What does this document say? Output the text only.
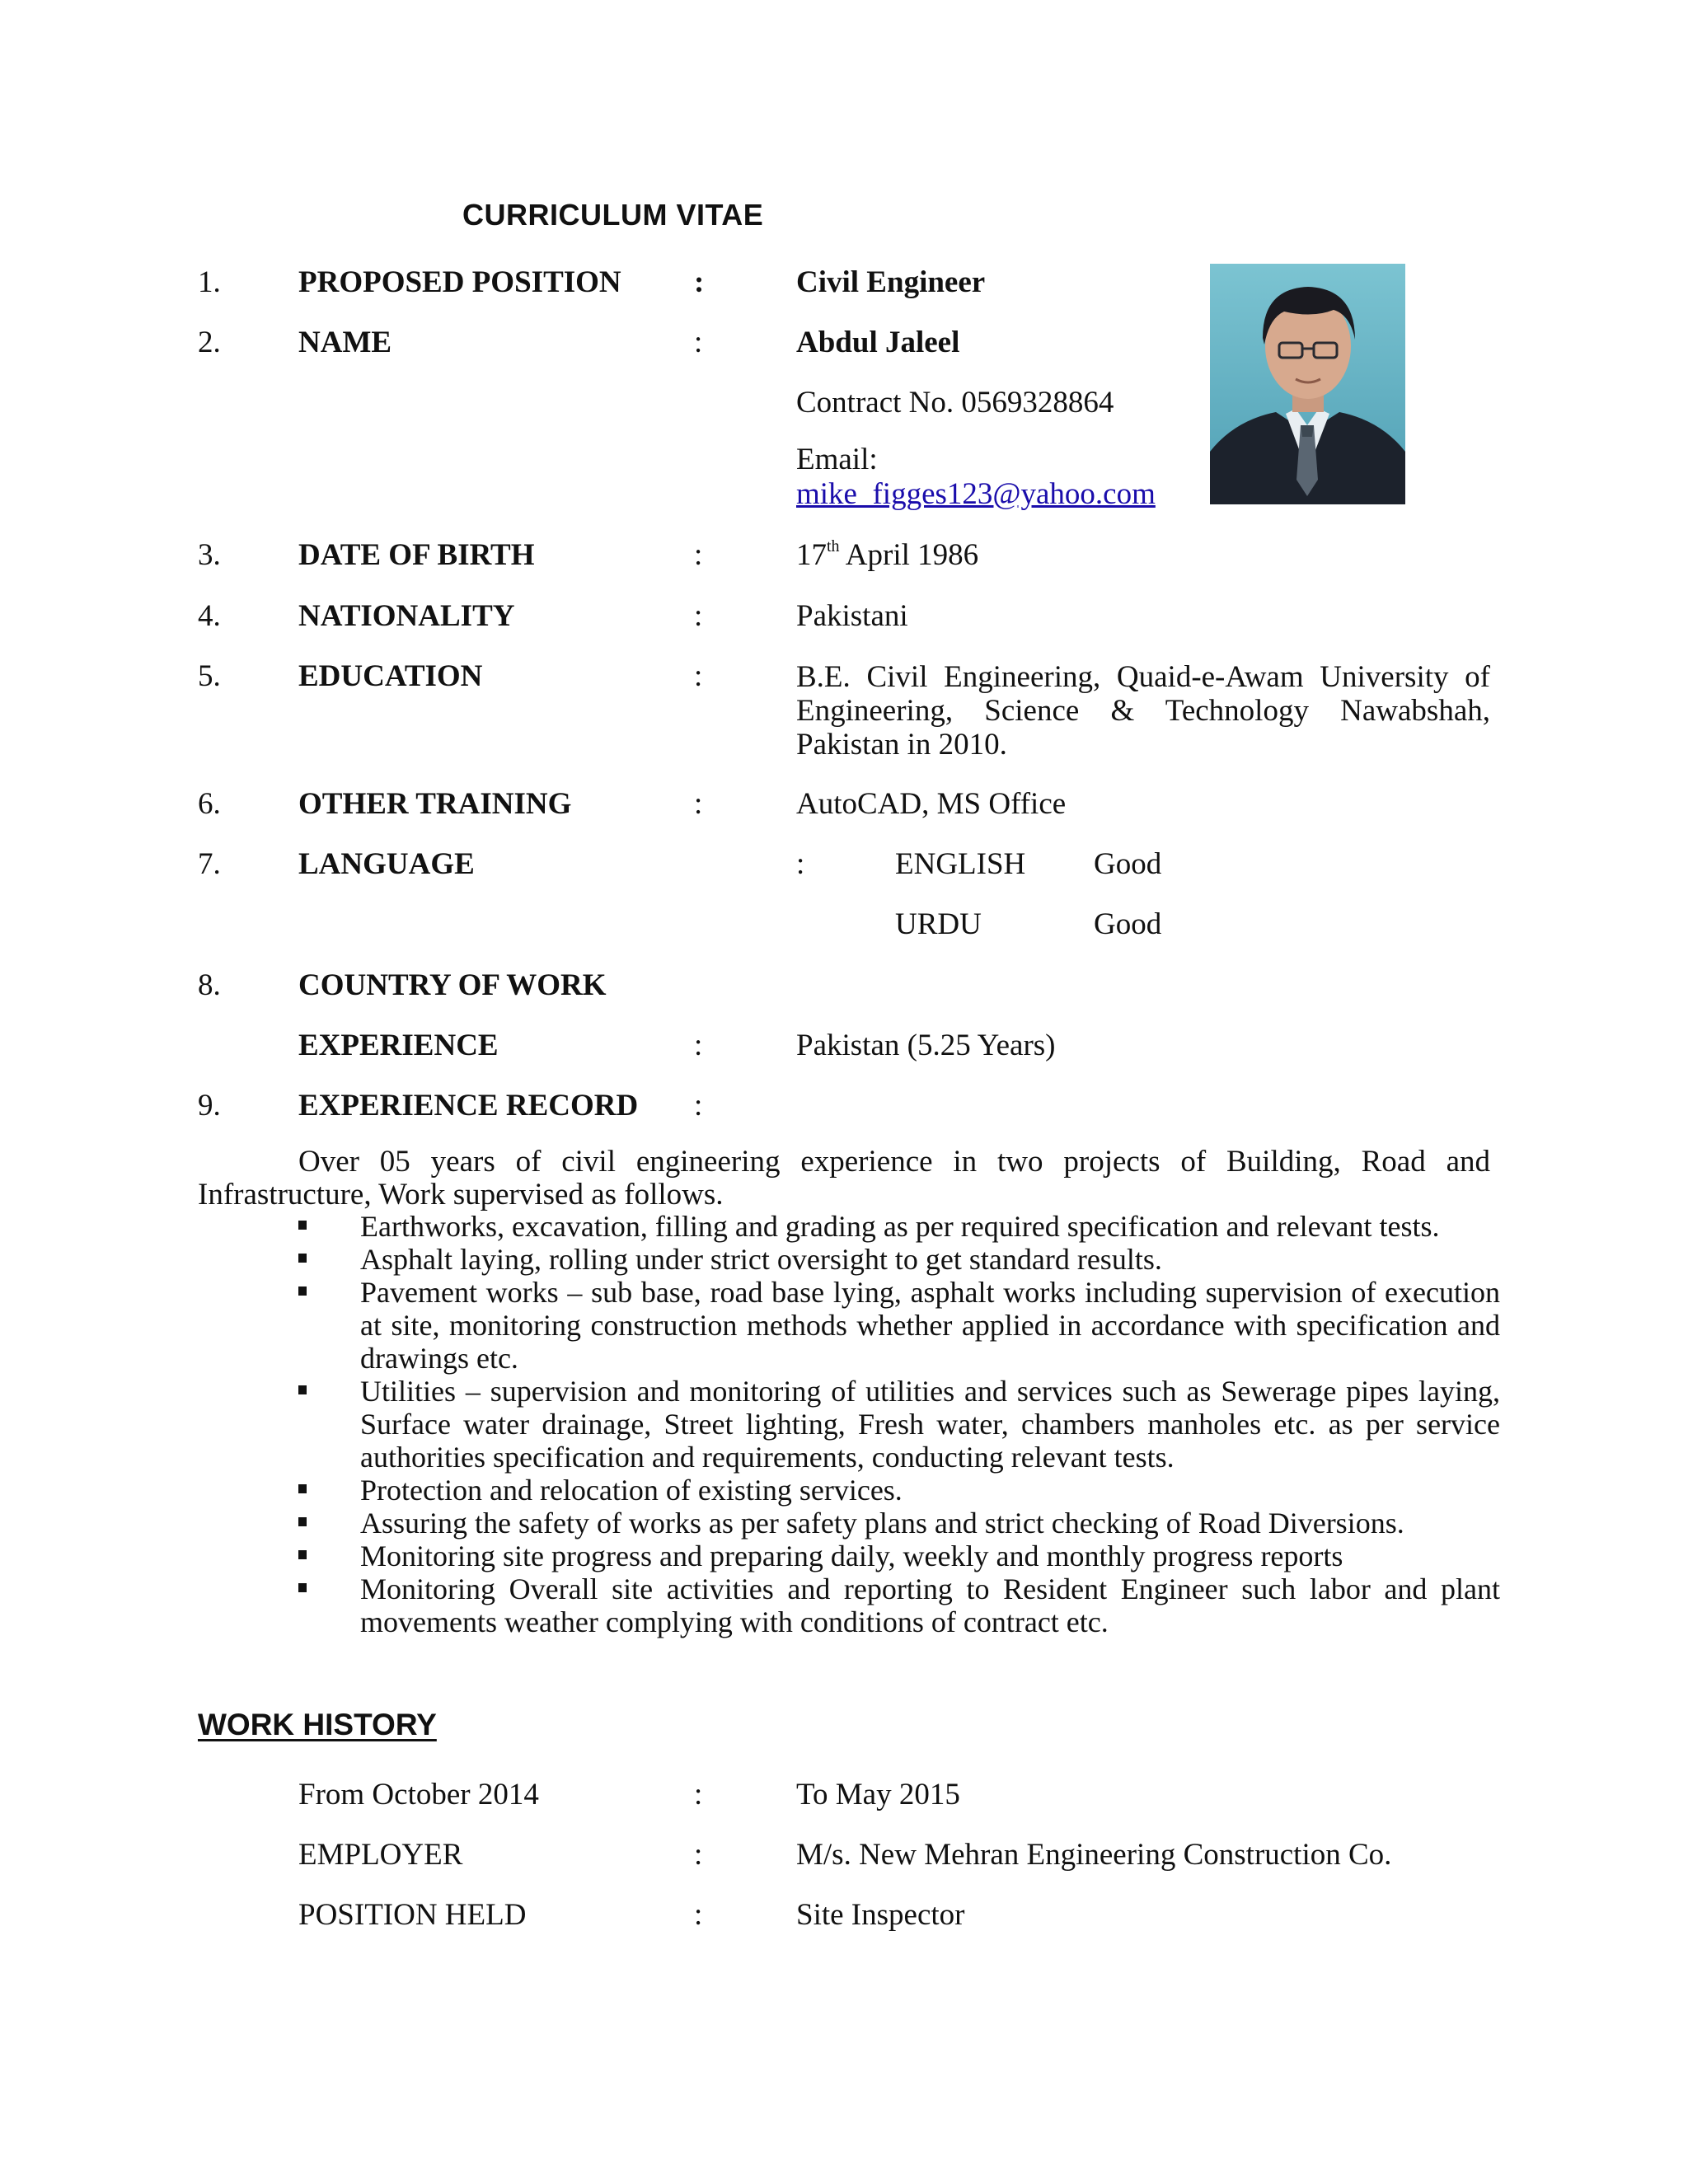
CURRICULUM VITAE
1.	PROPOSED POSITION :	Civil Engineer
2.	NAME	:	Abdul Jaleel
Contract No. 0569328864
Email:
mike_figges123@yahoo.com
3.	DATE OF BIRTH	:	17th April 1986
4.	NATIONALITY	:	Pakistani
5.	EDUCATION	:	B.E. Civil Engineering, Quaid-e-Awam University of
Engineering, Science & Technology Nawabshah,
Pakistan in 2010.
6.	OTHER TRAINING	:	AutoCAD, MS Office
7.	LANGUAGE	:	ENGLISH Good
URDU	Good
8.	COUNTRY OF WORK
EXPERIENCE	:	Pakistan (5.25 Years)
9.	EXPERIENCE RECORD :
Over 05 years of civil engineering experience in two projects of Building, Road and
Infrastructure, Work supervised as follows.
Earthworks, excavation, filling and grading as per required specification and relevant tests.
Asphalt laying, rolling under strict oversight to get standard results.
Pavement works – sub base, road base lying, asphalt works including supervision of execution at site, monitoring construction methods whether applied in accordance with specification and drawings etc.
Utilities – supervision and monitoring of utilities and services such as Sewerage pipes laying, Surface water drainage, Street lighting, Fresh water, chambers manholes etc. as per service authorities specification and requirements, conducting relevant tests.
Protection and relocation of existing services.
Assuring the safety of works as per safety plans and strict checking of Road Diversions.
Monitoring site progress and preparing daily, weekly and monthly progress reports
Monitoring Overall site activities and reporting to Resident Engineer such labor and plant movements weather complying with conditions of contract etc.
WORK HISTORY
From October 2014	:	To May 2015
EMPLOYER	:	M/s. New Mehran Engineering Construction Co.
POSITION HELD	:	Site Inspector
